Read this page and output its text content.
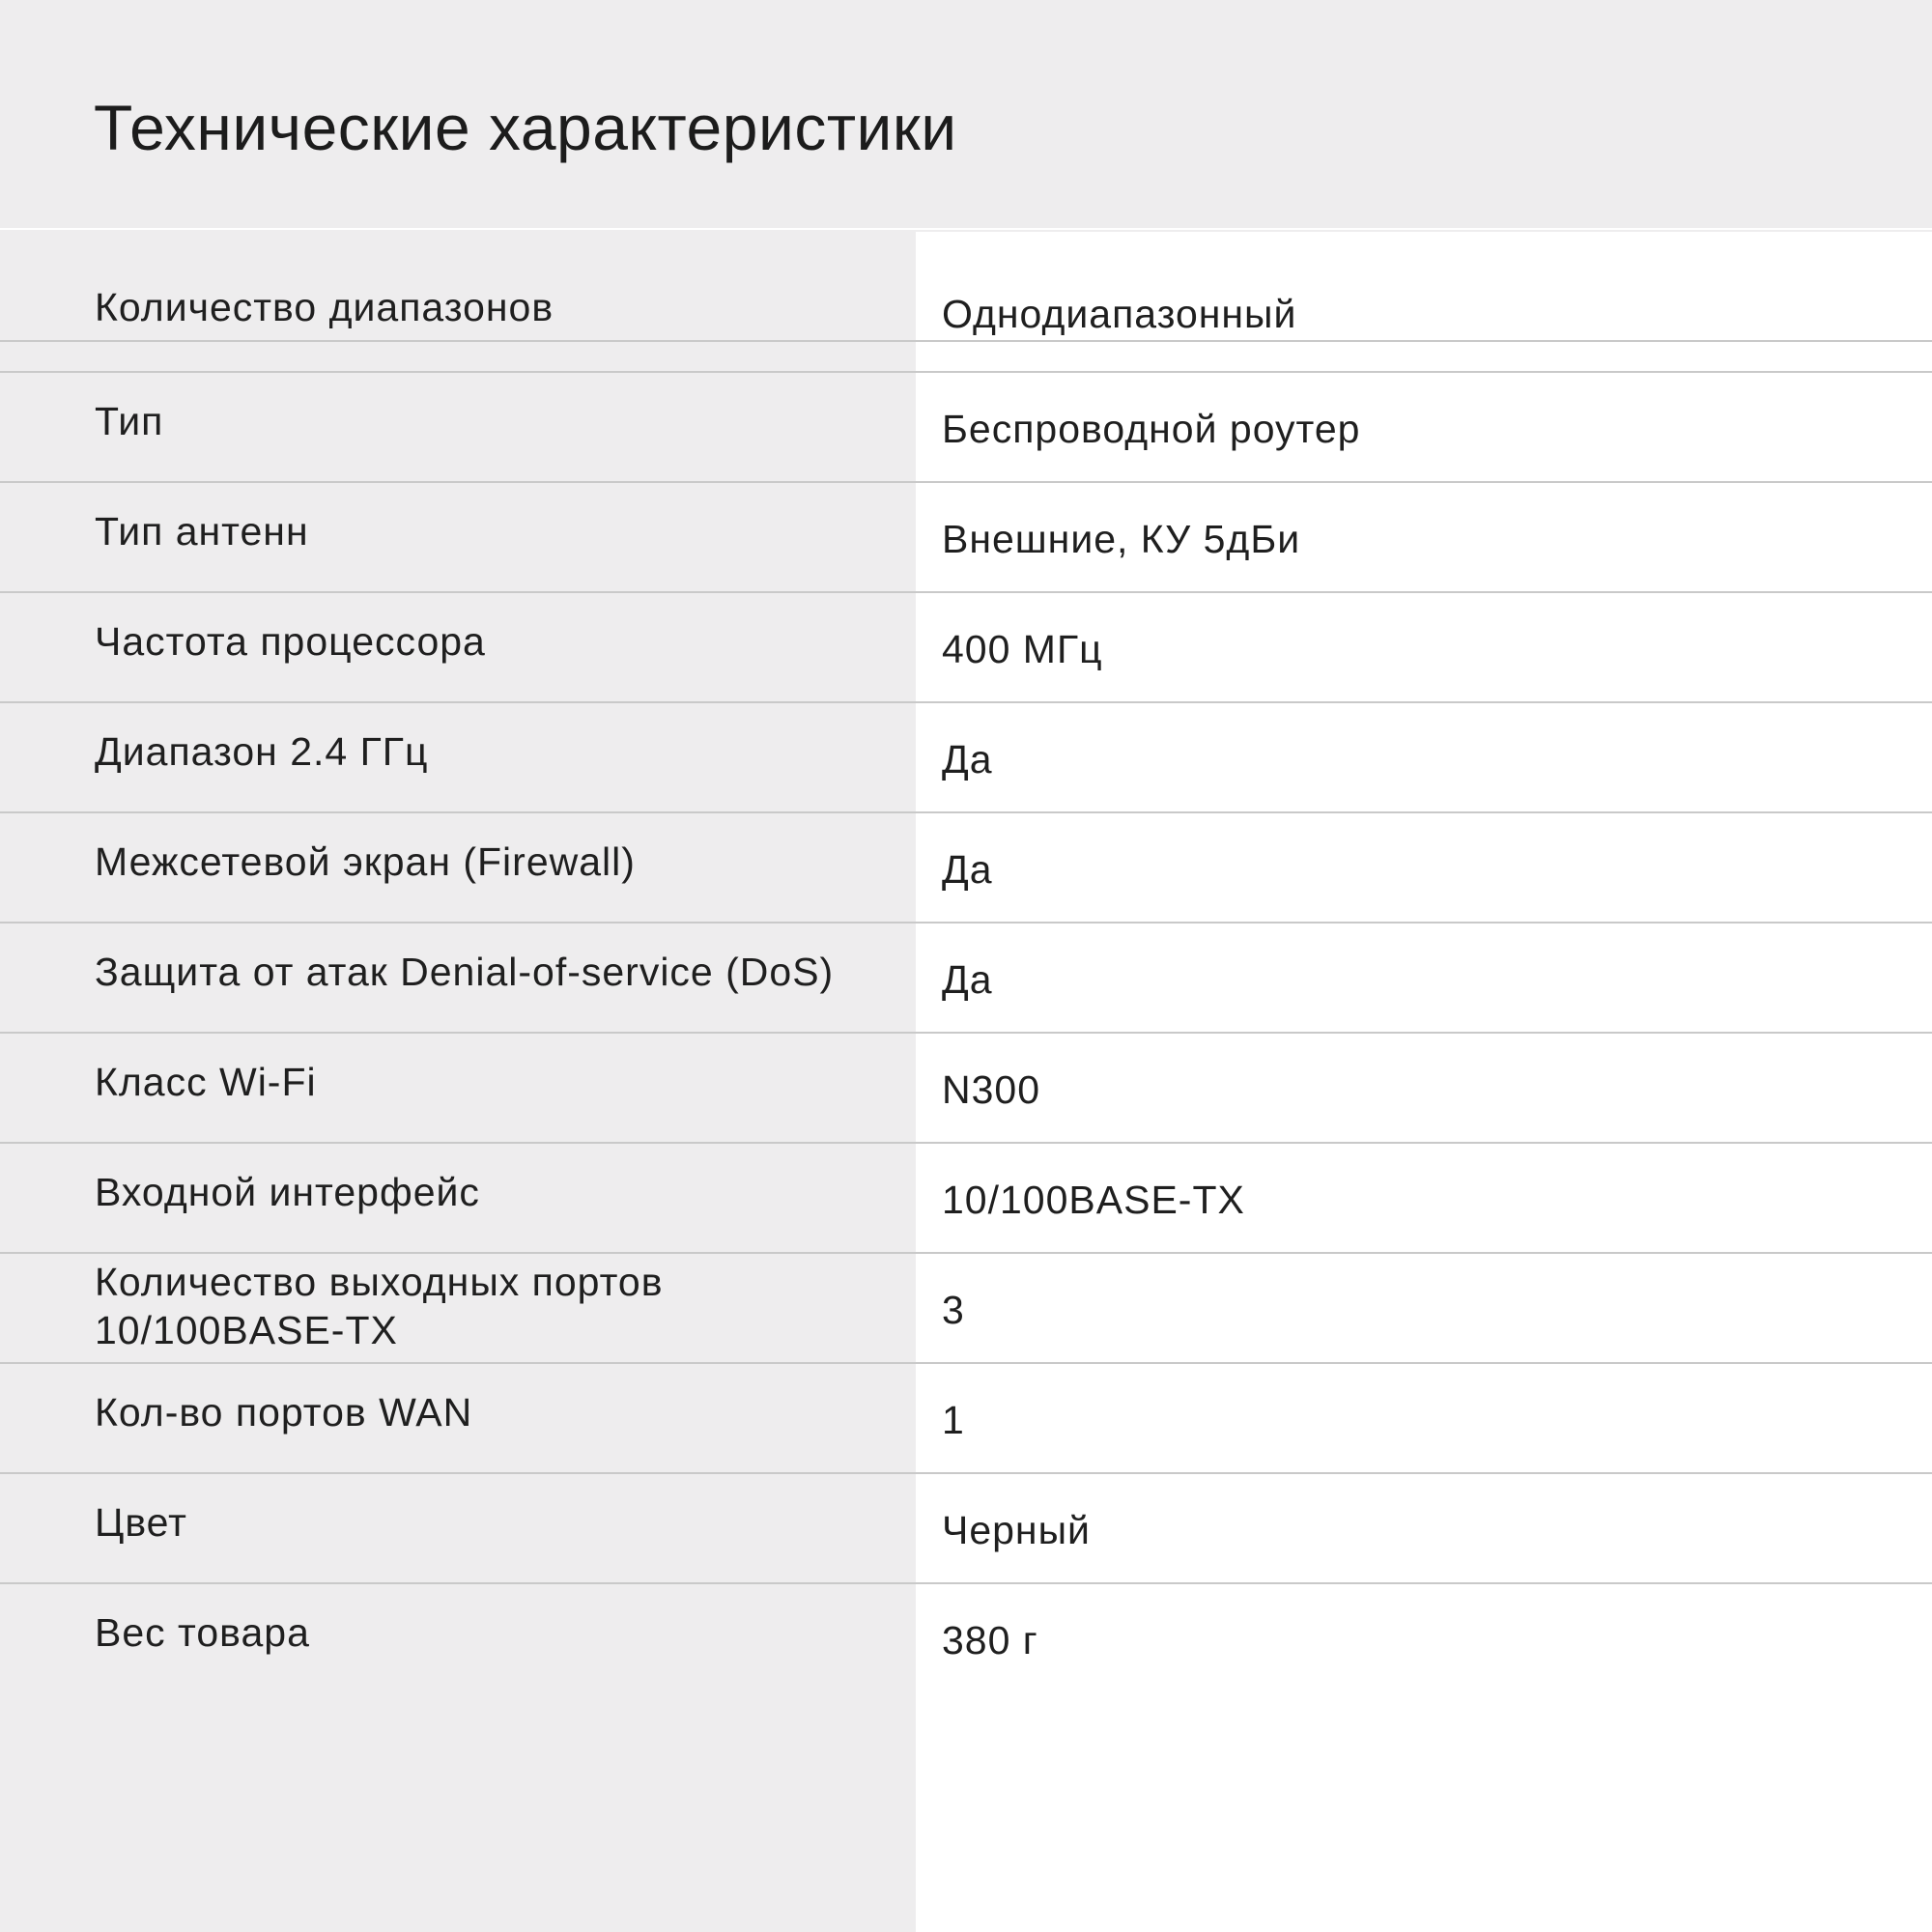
Технические характеристики
Количество диапазонов	Однодиапазонный
Тип	Беспроводной роутер
Тип антенн	Внешние, КУ 5дБи
Частота процессора	400 МГц
Диапазон 2.4 ГГц	Да
Межсетевой экран (Firewall)	Да
Защита от атак Denial-of-service (DoS)	Да
Класс Wi-Fi	N300
Входной интерфейс	10/100BASE-TX
Количество выходных портов 10/100BASE-TX	3
Кол-во портов WAN	1
Цвет	Черный
Вес товара	380 г
